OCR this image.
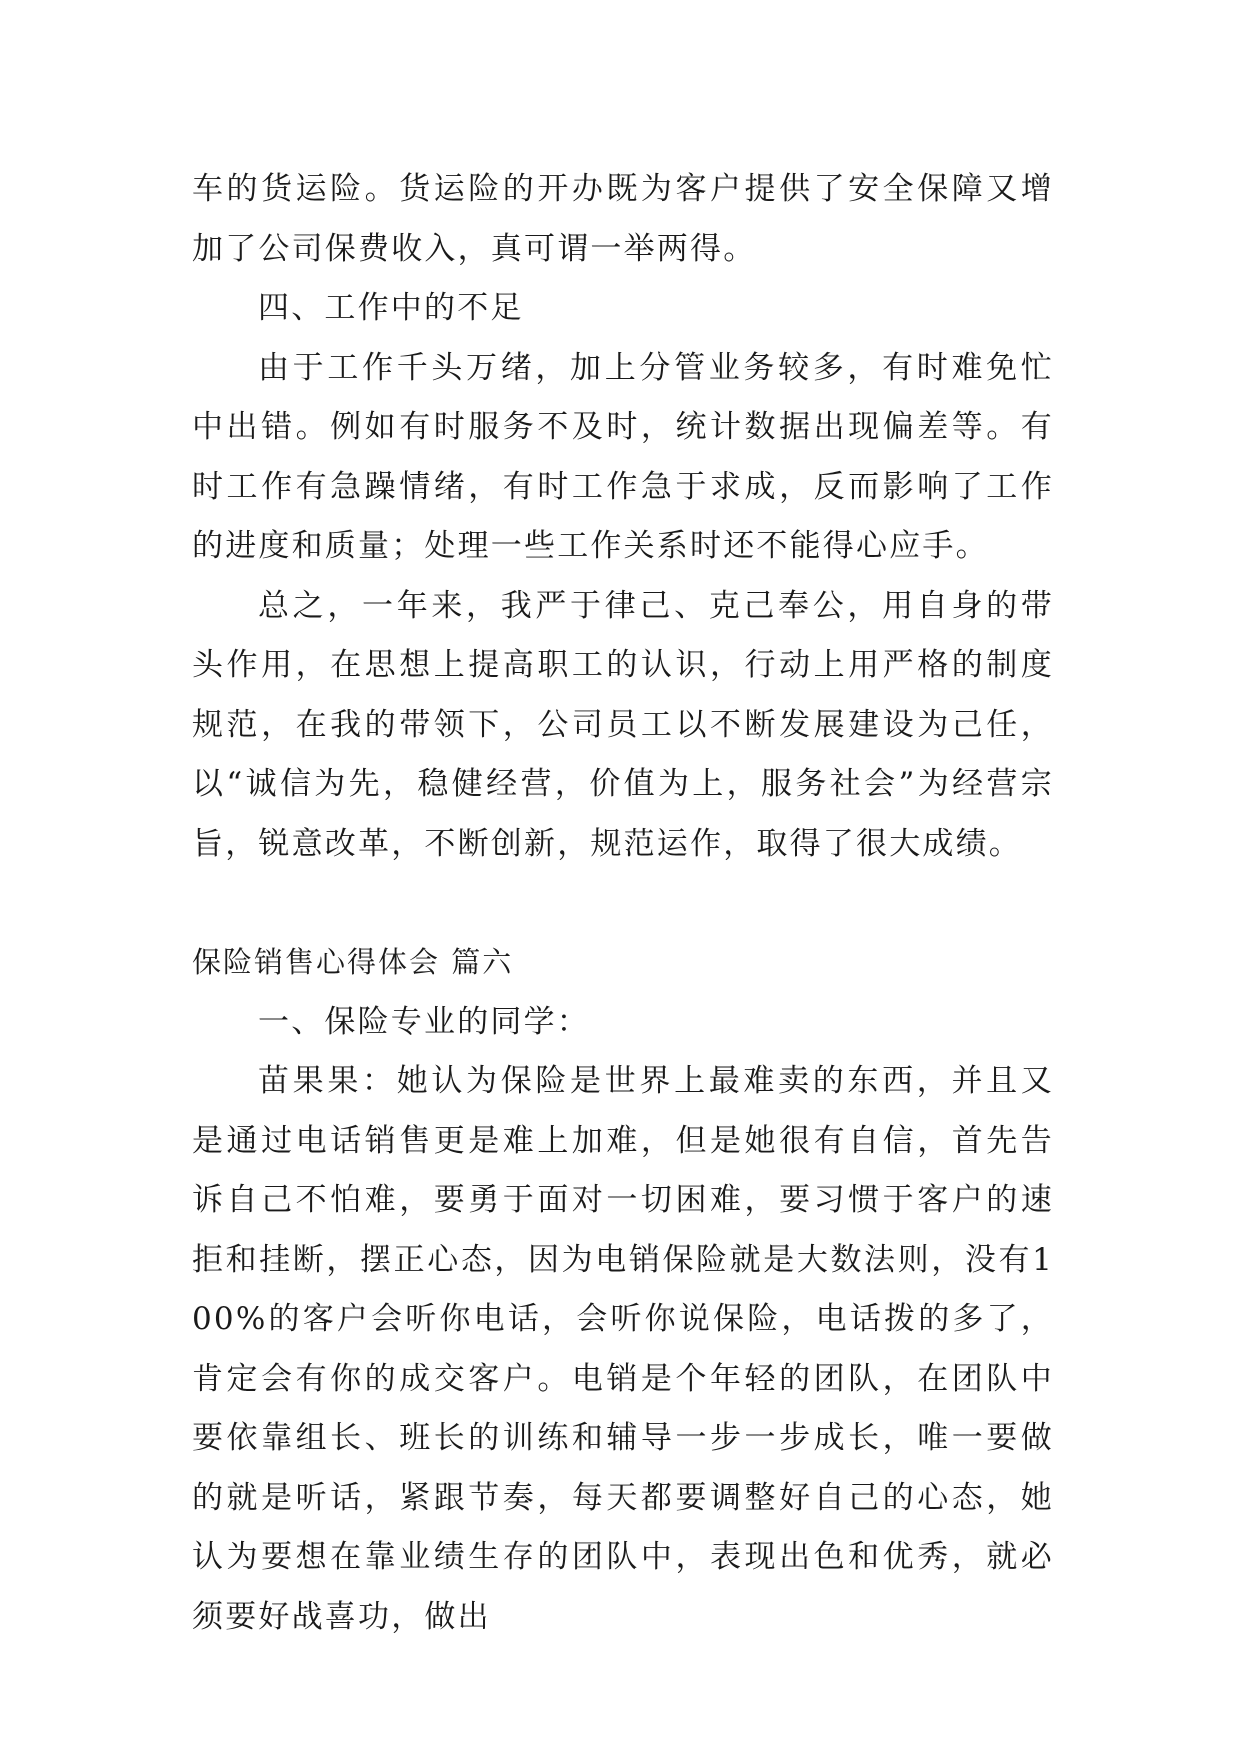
车的货运险。货运险的开办既为客户提供了安全保障又增加了公司保费收入，真可谓一举两得。

四、工作中的不足

由于工作千头万绪，加上分管业务较多，有时难免忙中出错。例如有时服务不及时，统计数据出现偏差等。有时工作有急躁情绪，有时工作急于求成，反而影响了工作的进度和质量；处理一些工作关系时还不能得心应手。

总之，一年来，我严于律己、克己奉公，用自身的带头作用，在思想上提高职工的认识，行动上用严格的制度规范，在我的带领下，公司员工以不断发展建设为己任，以“诚信为先，稳健经营，价值为上，服务社会”为经营宗旨，锐意改革，不断创新，规范运作，取得了很大成绩。

保险销售心得体会 篇六

一、保险专业的同学：

苗果果：她认为保险是世界上最难卖的东西，并且又是通过电话销售更是难上加难，但是她很有自信，首先告诉自己不怕难，要勇于面对一切困难，要习惯于客户的速拒和挂断，摆正心态，因为电销保险就是大数法则，没有100%的客户会听你电话，会听你说保险，电话拨的多了，肯定会有你的成交客户。电销是个年轻的团队，在团队中要依靠组长、班长的训练和辅导一步一步成长，唯一要做的就是听话，紧跟节奏，每天都要调整好自己的心态，她认为要想在靠业绩生存的团队中，表现出色和优秀，就必须要好战喜功，做出
